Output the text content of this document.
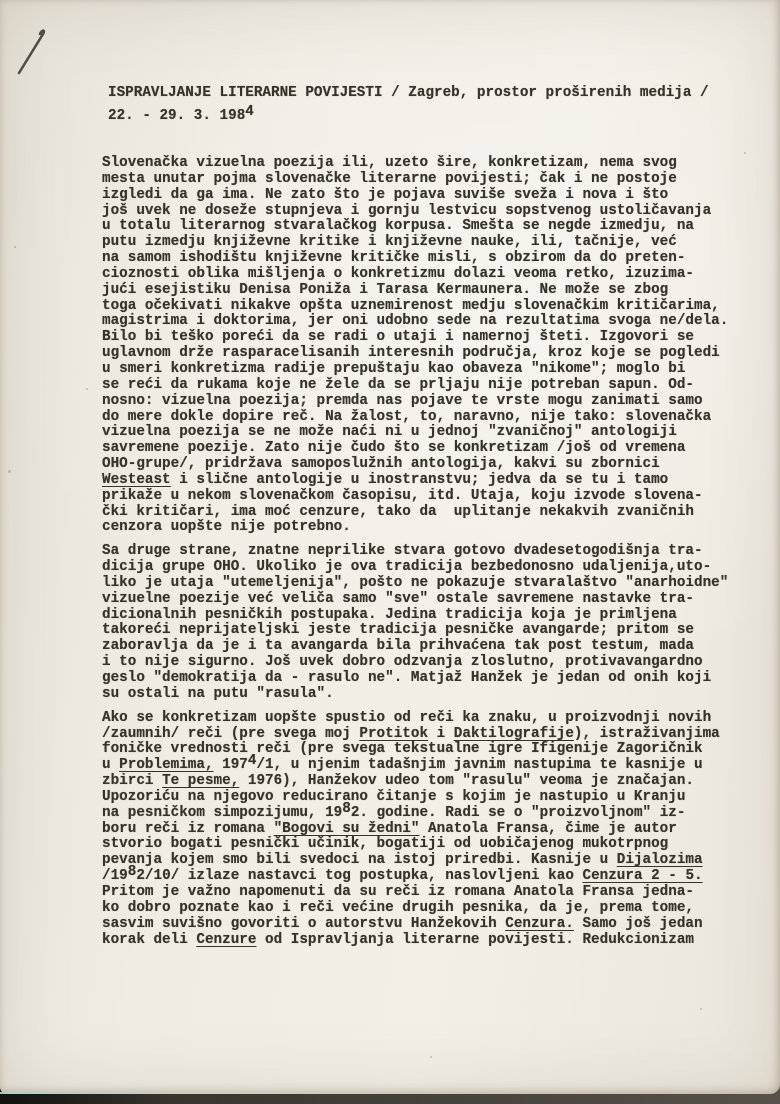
ISPRAVLJANJE LITERARNE POVIJESTI / Zagreb, prostor proširenih medija /
22. - 29. 3. 1984
Slovenačka vizuelna poezija ili, uzeto šire, konkretizam, nema svog
mesta unutar pojma slovenačke literarne povijesti; čak i ne postoje
izgledi da ga ima. Ne zato što je pojava suviše sveža i nova i što
još uvek ne doseže stupnjeva i gornju lestvicu sopstvenog ustoličavanja
u totalu literarnog stvaralačkog korpusa. Smešta se negde izmedju, na
putu izmedju književne kritike i književne nauke, ili, tačnije, već
na samom ishodištu književne kritičke misli, s obzirom da do preten-
cioznosti oblika mišljenja o konkretizmu dolazi veoma retko, izuzima-
jući esejistiku Denisa Poniža i Tarasa Kermaunera. Ne može se zbog
toga očekivati nikakve opšta uznemirenost medju slovenačkim kritičarima,
magistrima i doktorima, jer oni udobno sede na rezultatima svoga ne/dela.
Bilo bi teško poreći da se radi o utaji i namernoj šteti. Izgovori se
uglavnom drže rasparacelisanih interesnih područja, kroz koje se pogledi
u smeri konkretizma radije prepuštaju kao obaveza "nikome"; moglo bi
se reći da rukama koje ne žele da se prljaju nije potreban sapun. Od-
nosno: vizuelna poezija; premda nas pojave te vrste mogu zanimati samo
do mere dokle dopire reč. Na žalost, to, naravno, nije tako: slovenačka
vizuelna poezija se ne može naći ni u jednoj "zvaničnoj" antologiji
savremene poezije. Zato nije čudo što se konkretizam /još od vremena
OHO-grupe/, pridržava samoposlužnih antologija, kakvi su zbornici
Westeast i slične antologije u inostranstvu; jedva da se tu i tamo
prikaže u nekom slovenačkom časopisu, itd. Utaja, koju izvode slovena-
čki kritičari, ima moć cenzure, tako da  uplitanje nekakvih zvaničnih
cenzora uopšte nije potrebno.
Sa druge strane, znatne neprilike stvara gotovo dvadesetogodišnja tra-
dicija grupe OHO. Ukoliko je ova tradicija bezbedonosno udaljenija,uto-
liko je utaja "utemeljenija", pošto ne pokazuje stvaralaštvo "anarhoidne"
vizuelne poezije već veliča samo "sve" ostale savremene nastavke tra-
dicionalnih pesničkih postupaka. Jedina tradicija koja je primljena
takoreći neprijateljski jeste tradicija pesničke avangarde; pritom se
zaboravlja da je i ta avangarda bila prihvaćena tak post testum, mada
i to nije sigurno. Još uvek dobro odzvanja zloslutno, protivavangardno
geslo "demokratija da - rasulo ne". Matjaž Hanžek je jedan od onih koji
su ostali na putu "rasula".
Ako se konkretizam uopšte spustio od reči ka znaku, u proizvodnji novih
/zaumnih/ reči (pre svega moj Protitok i Daktilografije), istraživanjima
foničke vrednosti reči (pre svega tekstualne igre Ifigenije Zagoričnik
u Problemima, 1974/1, u njenim tadašnjim javnim nastupima te kasnije u
zbirci Te pesme, 1976), Hanžekov udeo tom "rasulu" veoma je značajan.
Upozoriću na njegovo reducirano čitanje s kojim je nastupio u Kranju
na pesničkom simpozijumu, 1982. godine. Radi se o "proizvoljnom" iz-
boru reči iz romana "Bogovi su žedni" Anatola Fransa, čime je autor
stvorio bogati pesnički učinik, bogatiji od uobičajenog mukotrpnog
pevanja kojem smo bili svedoci na istoj priredbi. Kasnije u Dijalozima
/1982/10/ izlaze nastavci tog postupka, naslovljeni kao Cenzura 2 - 5.
Pritom je važno napomenuti da su reči iz romana Anatola Fransa jedna-
ko dobro poznate kao i reči većine drugih pesnika, da je, prema tome,
sasvim suvišno govoriti o autorstvu Hanžekovih Cenzura. Samo još jedan
korak deli Cenzure od Ispravljanja literarne povijesti. Redukcionizam
